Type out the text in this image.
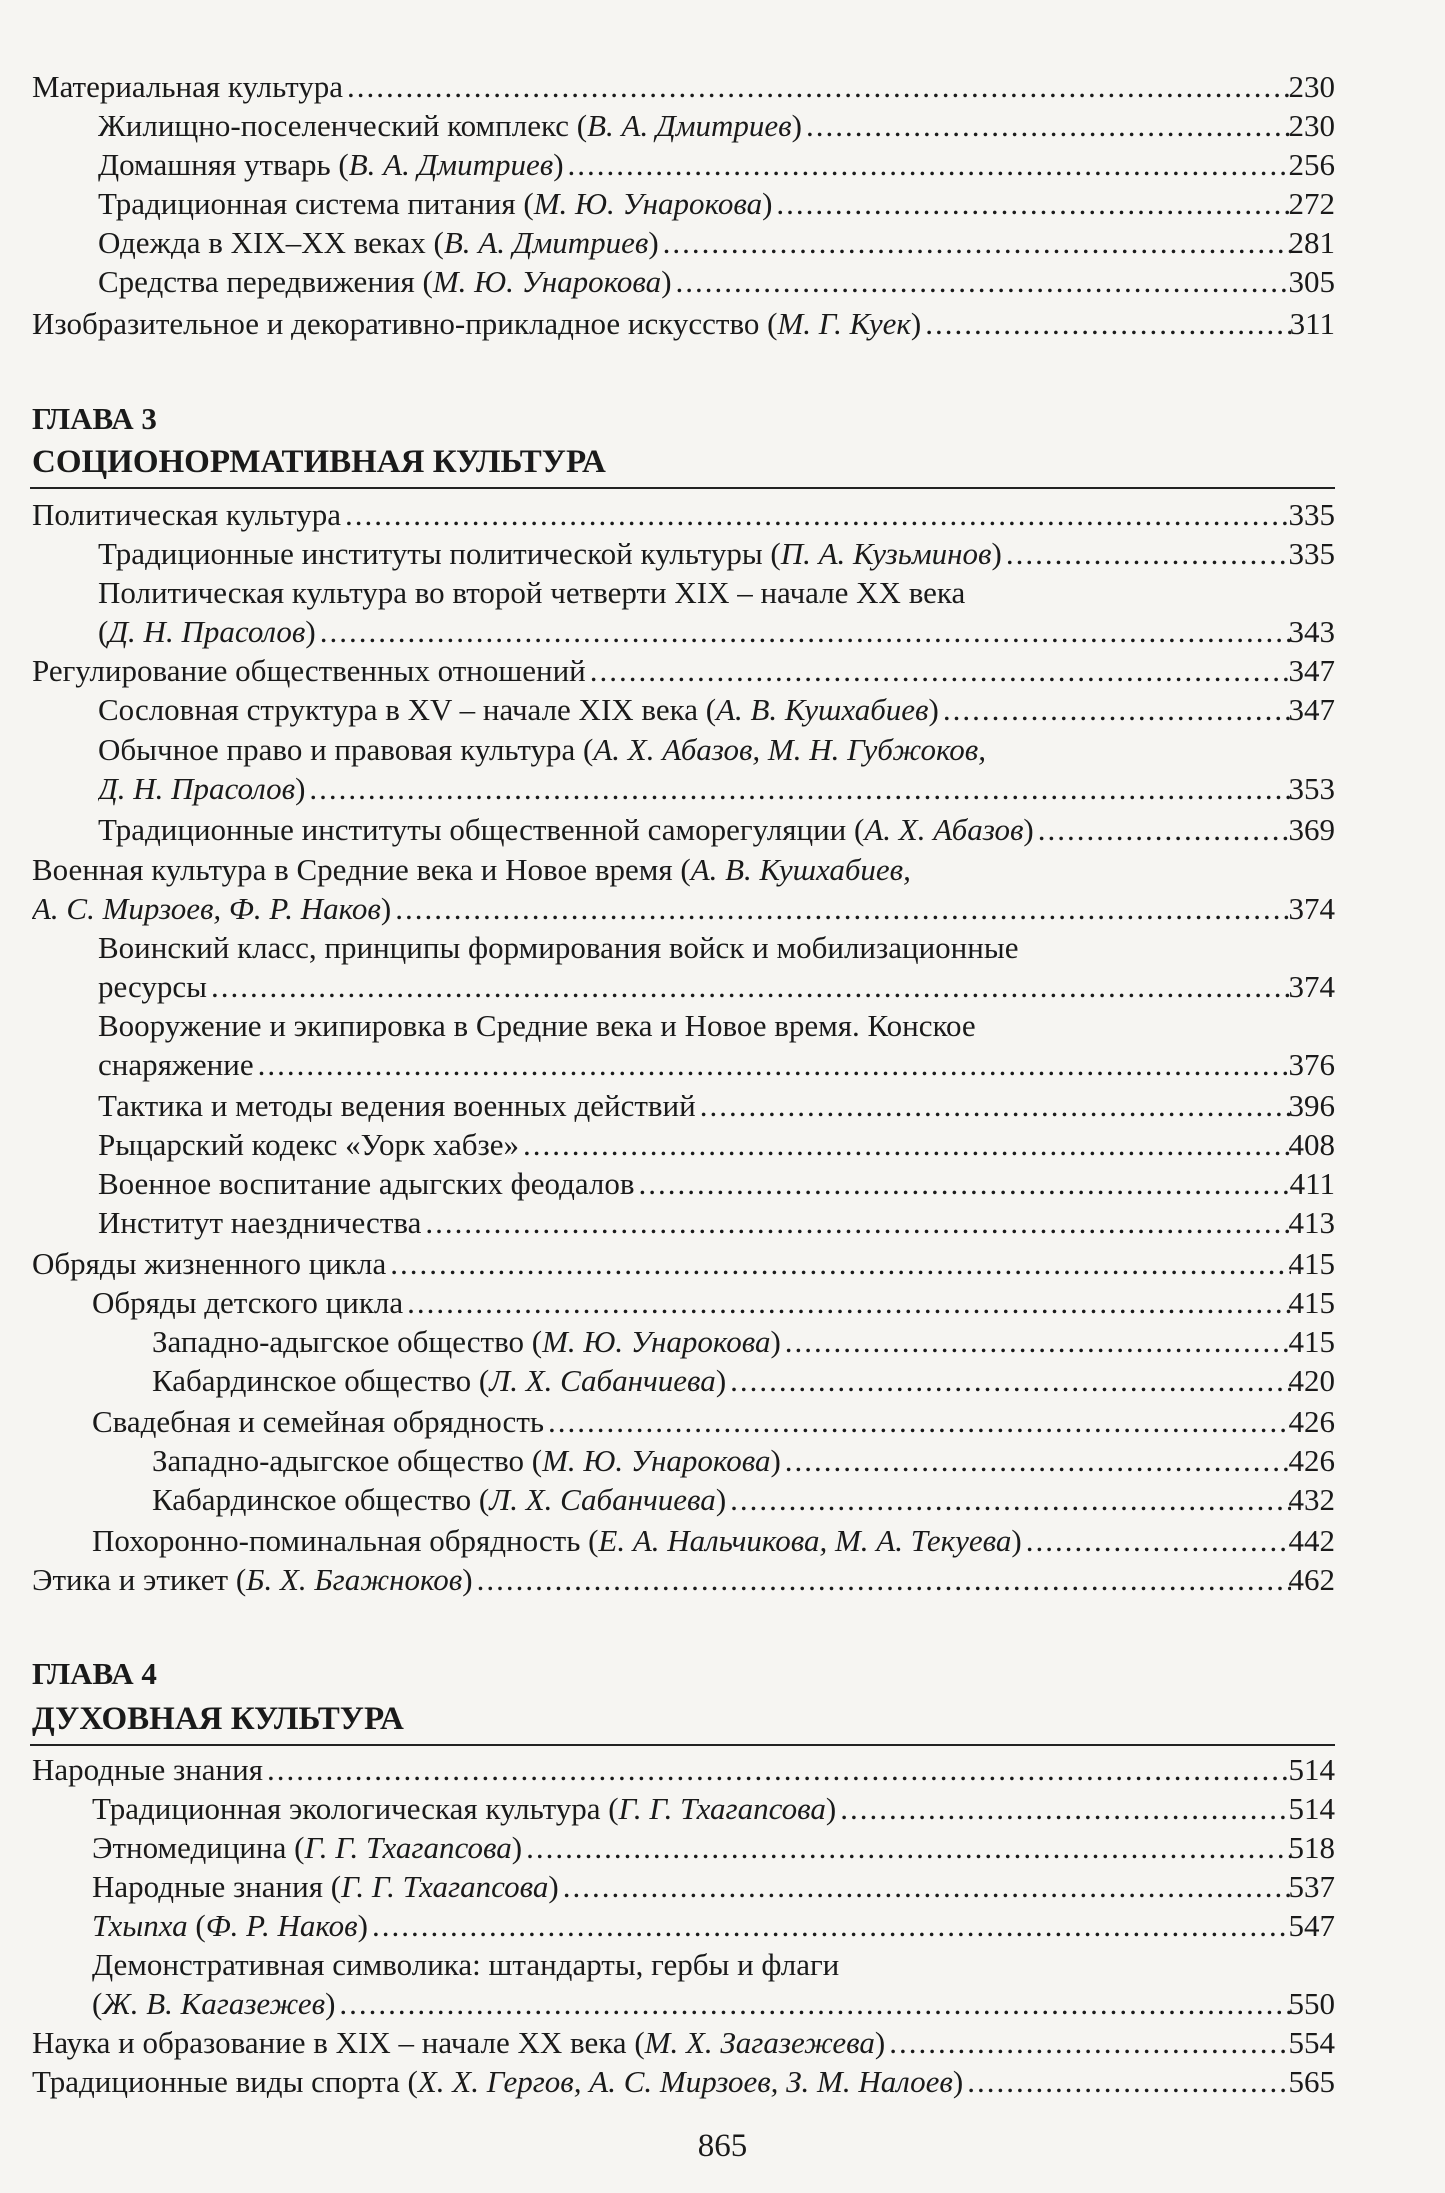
Материальная культура .....	230
Жилищно-поселенческий комплекс (В. А. Дмитриев) .....	230
Домашняя утварь (В. А. Дмитриев) .....	256
Традиционная система питания (М. Ю. Унарокова) .....	272
Одежда в XIX–XX веках (В. А. Дмитриев) .....	281
Средства передвижения (М. Ю. Унарокова) .....	305
Изобразительное и декоративно-прикладное искусство (М. Г. Куек) .....	311
ГЛАВА 3
СОЦИОНОРМАТИВНАЯ КУЛЬТУРА
Политическая культура .....	335
Традиционные институты политической культуры (П. А. Кузьминов) .....	335
Политическая культура во второй четверти XIX – начале XX века
(Д. Н. Прасолов) .....	343
Регулирование общественных отношений .....	347
Сословная структура в XV – начале XIX века (А. В. Кушхабиев) .....	347
Обычное право и правовая культура (А. Х. Абазов, М. Н. Губжоков,
Д. Н. Прасолов) .....	353
Традиционные институты общественной саморегуляции (А. Х. Абазов) .....	369
Военная культура в Средние века и Новое время (А. В. Кушхабиев,
А. С. Мирзоев, Ф. Р. Наков) .....	374
Воинский класс, принципы формирования войск и мобилизационные
ресурсы .....	374
Вооружение и экипировка в Средние века и Новое время. Конское
снаряжение .....	376
Тактика и методы ведения военных действий .....	396
Рыцарский кодекс «Уорк хабзе» .....	408
Военное воспитание адыгских феодалов .....	411
Институт наездничества .....	413
Обряды жизненного цикла .....	415
Обряды детского цикла .....	415
Западно-адыгское общество (М. Ю. Унарокова) .....	415
Кабардинское общество (Л. Х. Сабанчиева) .....	420
Свадебная и семейная обрядность .....	426
Западно-адыгское общество (М. Ю. Унарокова) .....	426
Кабардинское общество (Л. Х. Сабанчиева) .....	432
Похоронно-поминальная обрядность (Е. А. Нальчикова, М. А. Текуева) .....	442
Этика и этикет (Б. Х. Бгажноков) .....	462
ГЛАВА 4
ДУХОВНАЯ КУЛЬТУРА
Народные знания .....	514
Традиционная экологическая культура (Г. Г. Тхагапсова) .....	514
Этномедицина (Г. Г. Тхагапсова) .....	518
Народные знания (Г. Г. Тхагапсова) .....	537
Тхыпха (Ф. Р. Наков) .....	547
Демонстративная символика: штандарты, гербы и флаги
(Ж. В. Кагазежев) .....	550
Наука и образование в XIX – начале XX века (М. Х. Загазежева) .....	554
Традиционные виды спорта (Х. Х. Гергов, А. С. Мирзоев, З. М. Налоев) .....	565
865
